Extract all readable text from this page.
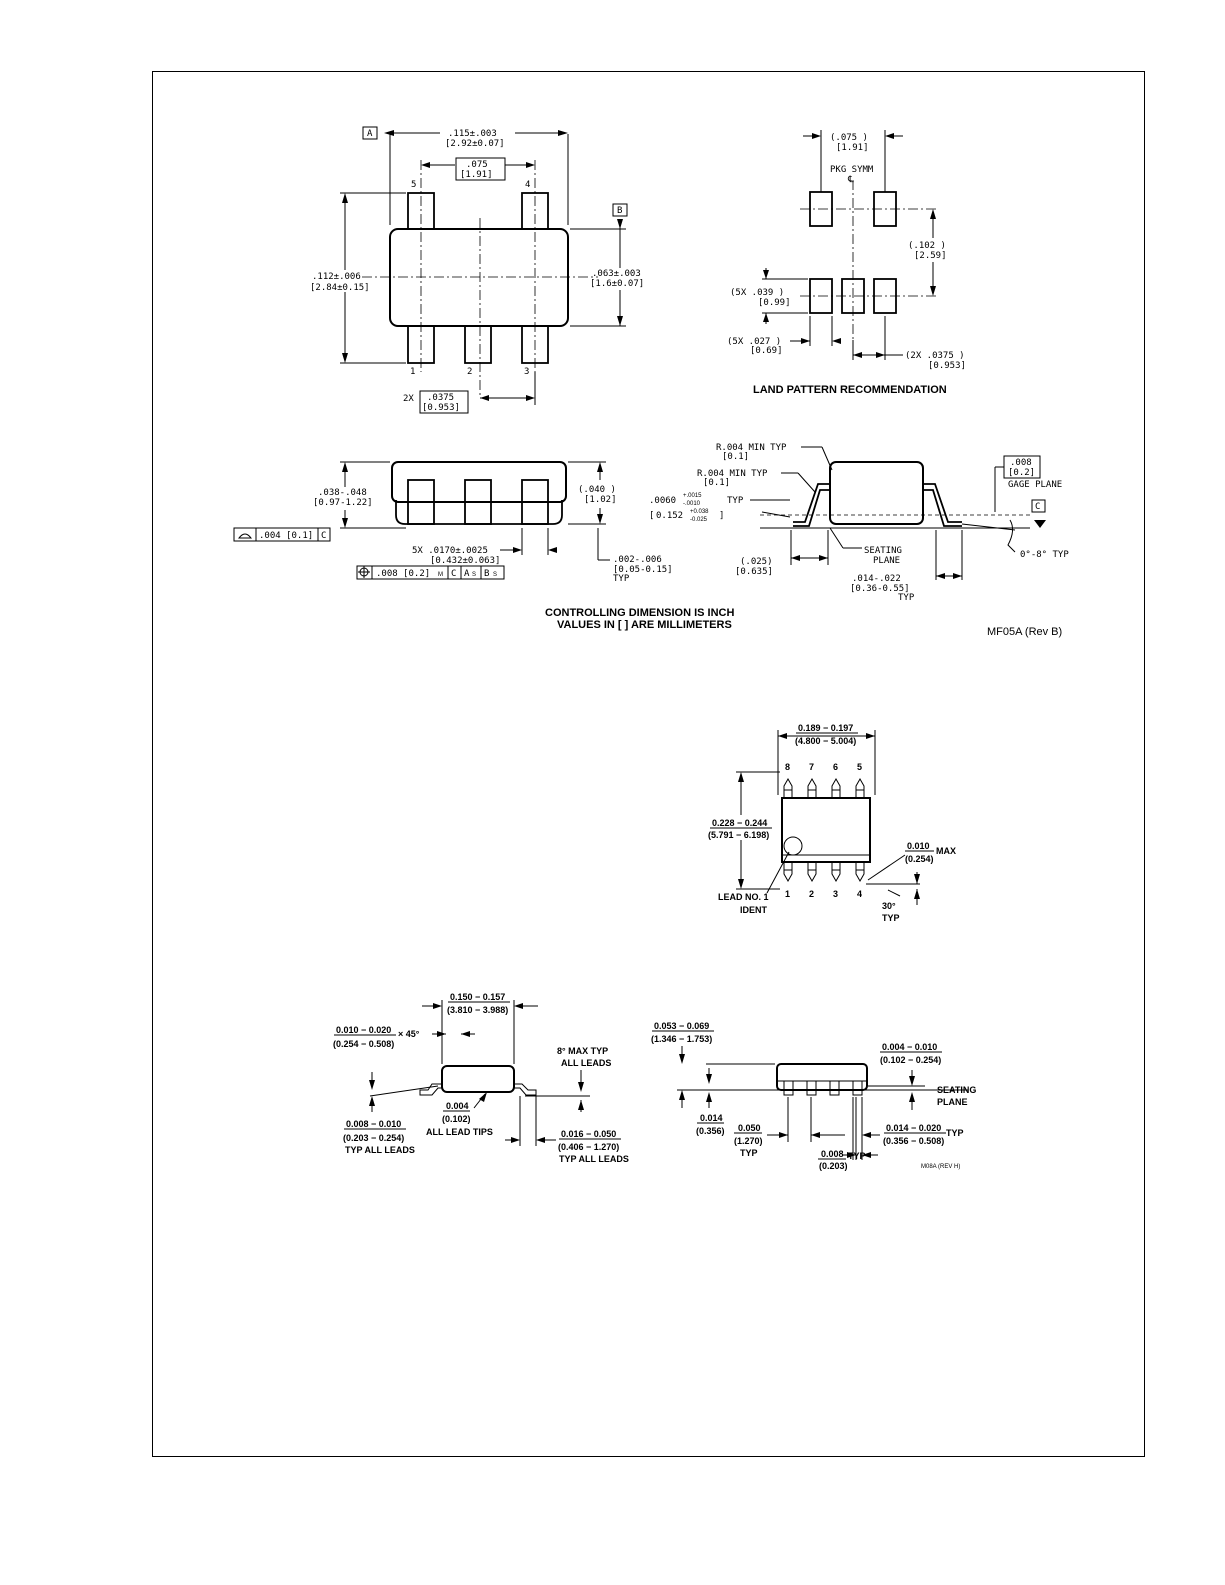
A	.115±.003
[2.92±0.07]
.075
[1.91]
5	4
1	2	3
.112±.006
[2.84±0.15]
B
.063±.003
[1.6±0.07]
2X .0375
[0.953]
(.075 )
[1.91]
PKG SYMM
℄
(.102 )
[2.59]
(5X .039 )
[0.99]
(5X .027 )
[0.69]	(2X .0375 )
[0.953]
LAND PATTERN RECOMMENDATION
.038-.048
[0.97-1.22]
(.040 )
[1.02]
.004 [0.1] C
5X .0170±.0025
[0.432±0.063]
.008 [0.2] M C A S B S
.002-.006
[0.05-0.15]
TYP
C
R.004 MIN TYP
[0.1]
R.004 MIN TYP
[0.1]
.0060 +.0015
-.0010	TYP
[ 0.152 +0.038
-0.025 ]
.008
[0.2]
GAGE PLANE
SEATING
PLANE
(.025)
[0.635]
.014-.022
[0.36-0.55]
TYP
0°-8° TYP
CONTROLLING DIMENSION IS INCH
VALUES IN [ ] ARE MILLIMETERS
MF05A (Rev B)
8 7 6 5
1 2 3 4
0.189 − 0.197
(4.800 − 5.004)
0.228 − 0.244
(5.791 − 6.198)
LEAD NO. 1
IDENT
0.010
(0.254)
MAX
30°
TYP
0.150 − 0.157
(3.810 − 3.988)
0.010 − 0.020
(0.254 − 0.508)
× 45°
8° MAX TYP
ALL LEADS
0.004
(0.102)
ALL LEAD TIPS
0.008 − 0.010
(0.203 − 0.254)
TYP ALL LEADS
0.016 − 0.050
(0.406 − 1.270)
TYP ALL LEADS
0.053 − 0.069
(1.346 − 1.753)
0.014
(0.356)
0.004 − 0.010
(0.102 − 0.254)
SEATING
PLANE
0.050
(1.270)
TYP
0.014 − 0.020
(0.356 − 0.508)
TYP
0.008
(0.203)
TYP
M08A (REV H)
